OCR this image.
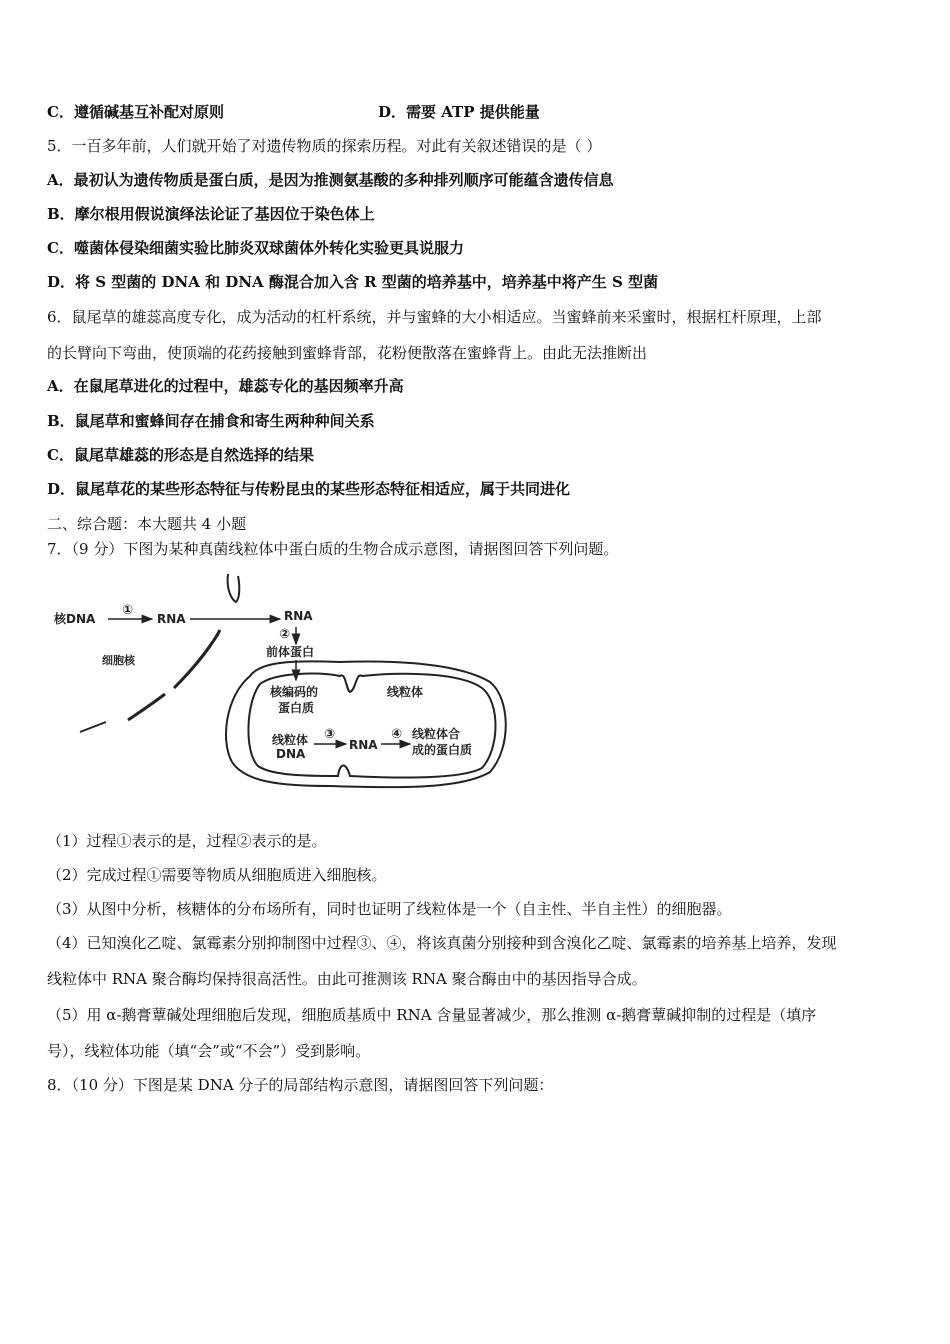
C．遵循碱基互补配对原则	D．需要 ATP 提供能量
5．一百多年前，人们就开始了对遗传物质的探索历程。对此有关叙述错误的是（ ）
A．最初认为遗传物质是蛋白质，是因为推测氨基酸的多种排列顺序可能蕴含遗传信息
B．摩尔根用假说演绎法论证了基因位于染色体上
C．噬菌体侵染细菌实验比肺炎双球菌体外转化实验更具说服力
D．将 S 型菌的 DNA 和 DNA 酶混合加入含 R 型菌的培养基中，培养基中将产生 S 型菌
6．鼠尾草的雄蕊高度专化，成为活动的杠杆系统，并与蜜蜂的大小相适应。当蜜蜂前来采蜜时，根据杠杆原理，上部
的长臂向下弯曲，使顶端的花药接触到蜜蜂背部，花粉便散落在蜜蜂背上。由此无法推断出
A．在鼠尾草进化的过程中，雄蕊专化的基因频率升高
B．鼠尾草和蜜蜂间存在捕食和寄生两种种间关系
C．鼠尾草雄蕊的形态是自然选择的结果
D．鼠尾草花的某些形态特征与传粉昆虫的某些形态特征相适应，属于共同进化
二、综合题：本大题共 4 小题
7．（9 分）下图为某种真菌线粒体中蛋白质的生物合成示意图，请据图回答下列问题。
核DNA
①
RNA	RNA
细胞核
②
前体蛋白
核编码的
蛋白质
线粒体
线粒体
DNA
③
RNA
④ 线粒体合
成的蛋白质
（1）过程①表示的是，过程②表示的是。
（2）完成过程①需要等物质从细胞质进入细胞核。
（3）从图中分析，核糖体的分布场所有，同时也证明了线粒体是一个（自主性、半自主性）的细胞器。
（4）已知溴化乙啶、氯霉素分别抑制图中过程③、④，将该真菌分别接种到含溴化乙啶、氯霉素的培养基上培养，发现
线粒体中 RNA 聚合酶均保持很高活性。由此可推测该 RNA 聚合酶由中的基因指导合成。
（5）用 α-鹅膏蕈碱处理细胞后发现，细胞质基质中 RNA 含量显著减少，那么推测 α-鹅膏蕈碱抑制的过程是（填序
号），线粒体功能（填“会”或“不会”）受到影响。
8．（10 分）下图是某 DNA 分子的局部结构示意图，请据图回答下列问题：
